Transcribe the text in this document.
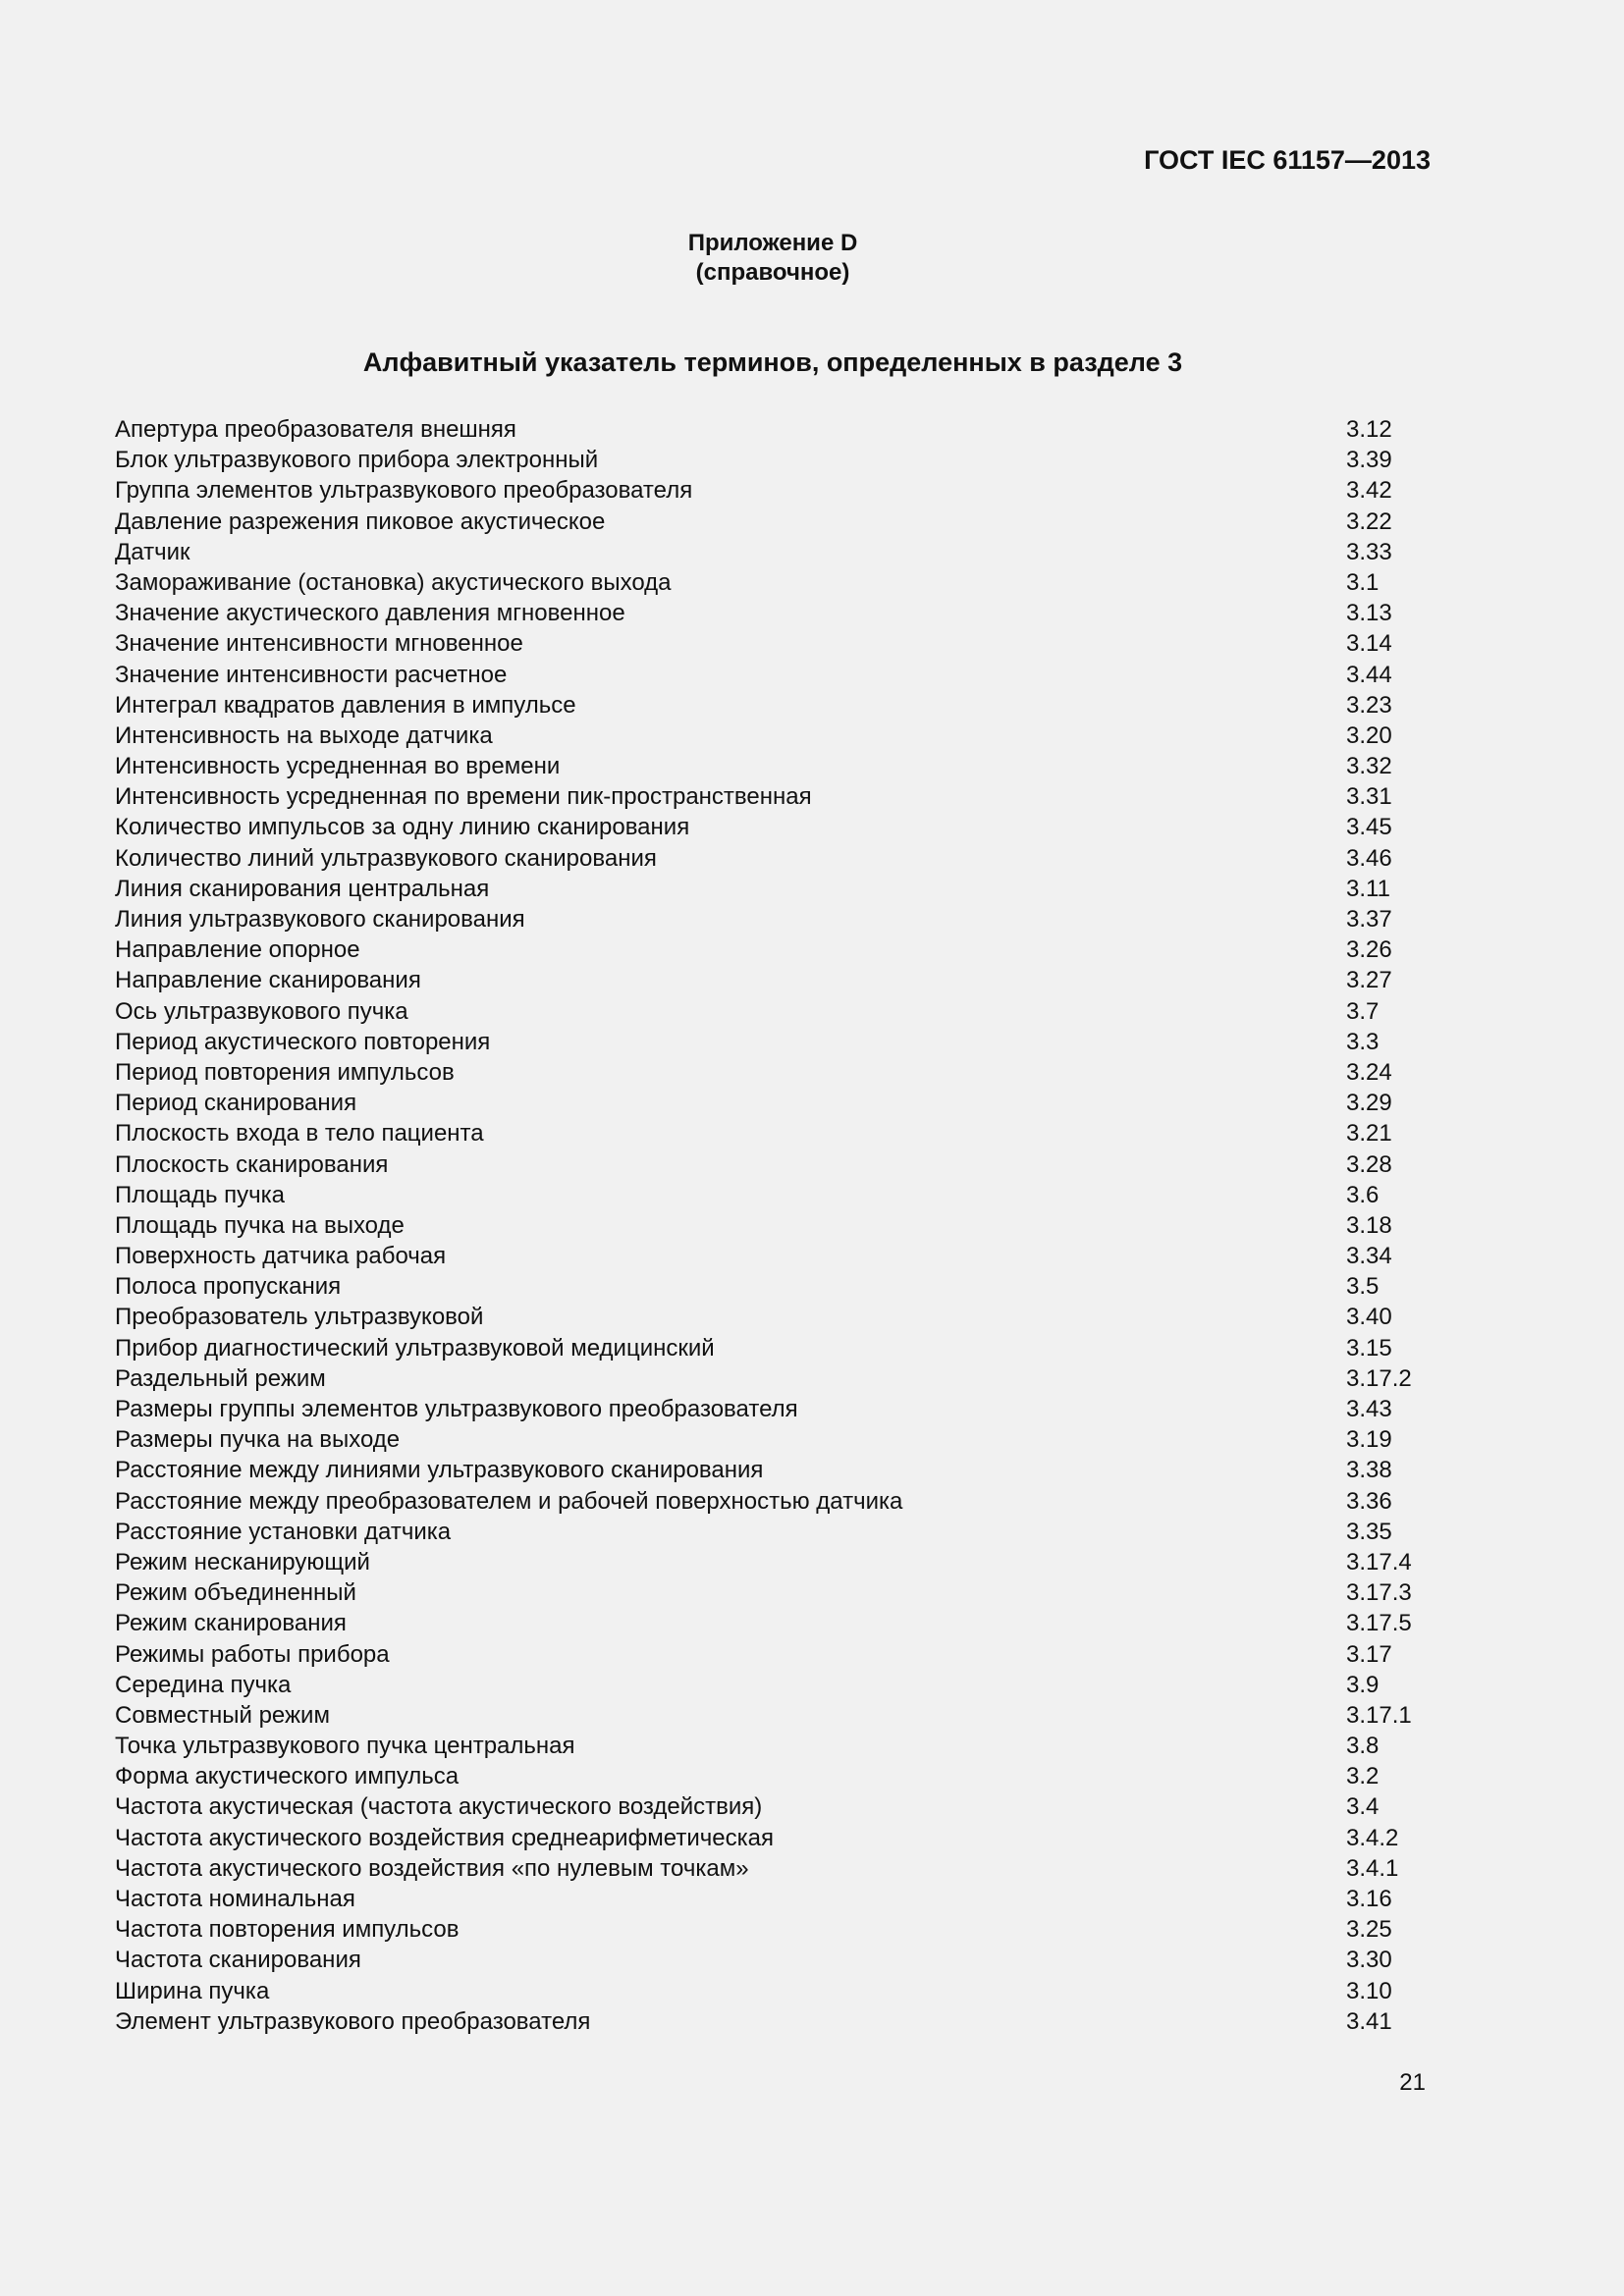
ГОСТ IEC 61157—2013
Приложение D
(справочное)
Алфавитный указатель терминов, определенных в разделе 3
Апертура преобразователя внешняя	3.12
Блок ультразвукового прибора электронный	3.39
Группа элементов ультразвукового преобразователя	3.42
Давление разрежения пиковое акустическое	3.22
Датчик	3.33
Замораживание (остановка) акустического выхода	3.1
Значение акустического давления мгновенное	3.13
Значение интенсивности мгновенное	3.14
Значение интенсивности расчетное	3.44
Интеграл квадратов давления в импульсе	3.23
Интенсивность на выходе датчика	3.20
Интенсивность усредненная во времени	3.32
Интенсивность усредненная по времени пик-пространственная	3.31
Количество импульсов за одну линию сканирования	3.45
Количество линий ультразвукового сканирования	3.46
Линия сканирования центральная	3.11
Линия ультразвукового сканирования	3.37
Направление опорное	3.26
Направление сканирования	3.27
Ось ультразвукового пучка	3.7
Период акустического повторения	3.3
Период повторения импульсов	3.24
Период сканирования	3.29
Плоскость входа в тело пациента	3.21
Плоскость сканирования	3.28
Площадь пучка	3.6
Площадь пучка на выходе	3.18
Поверхность датчика рабочая	3.34
Полоса пропускания	3.5
Преобразователь ультразвуковой	3.40
Прибор диагностический ультразвуковой медицинский	3.15
Раздельный режим	3.17.2
Размеры группы элементов ультразвукового преобразователя	3.43
Размеры пучка на выходе	3.19
Расстояние между линиями ультразвукового сканирования	3.38
Расстояние между преобразователем и рабочей поверхностью датчика	3.36
Расстояние установки датчика	3.35
Режим несканирующий	3.17.4
Режим объединенный	3.17.3
Режим сканирования	3.17.5
Режимы работы прибора	3.17
Середина пучка	3.9
Совместный режим	3.17.1
Точка ультразвукового пучка центральная	3.8
Форма акустического импульса	3.2
Частота акустическая (частота акустического воздействия)	3.4
Частота акустического воздействия среднеарифметическая	3.4.2
Частота акустического воздействия «по нулевым точкам»	3.4.1
Частота номинальная	3.16
Частота повторения импульсов	3.25
Частота сканирования	3.30
Ширина пучка	3.10
Элемент ультразвукового преобразователя	3.41
21
